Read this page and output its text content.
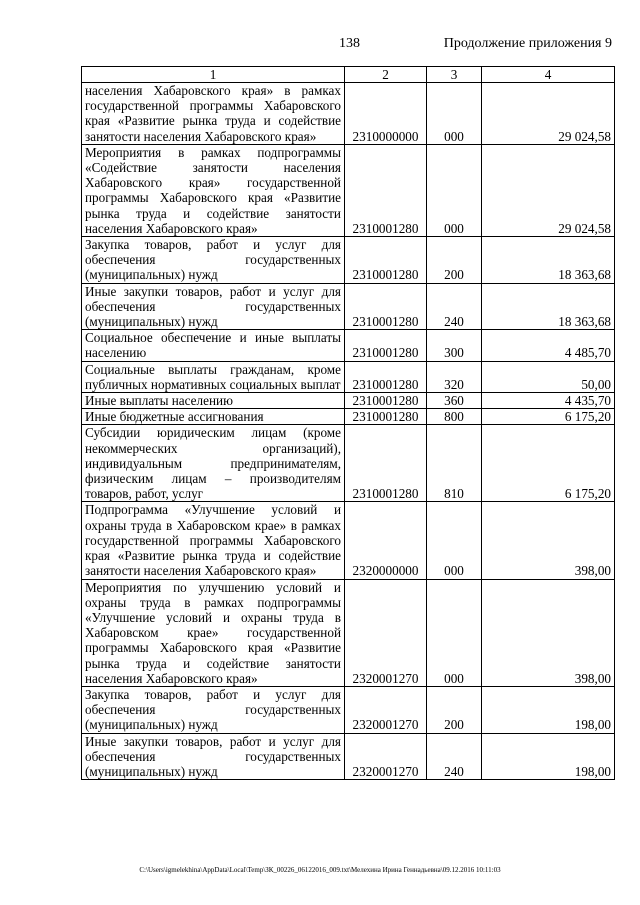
138	Продолжение приложения 9
1	2	3	4
населения Хабаровского края» в рамках государственной программы Хабаровского края «Развитие рынка труда и содействие занятости населения Хабаровского края»	2310000000	000	29 024,58
Мероприятия в рамках подпрограммы «Содействие занятости населения Хабаровского края» государственной программы Хабаровского края «Развитие рынка труда и содействие занятости населения Хабаровского края»	2310001280	000	29 024,58
Закупка товаров, работ и услуг для обеспечения государственных (муниципальных) нужд	2310001280	200	18 363,68
Иные закупки товаров, работ и услуг для обеспечения государственных (муниципальных) нужд	2310001280	240	18 363,68
Социальное обеспечение и иные выплаты населению	2310001280	300	4 485,70
Социальные выплаты гражданам, кроме публичных нормативных социальных выплат	2310001280	320	50,00
Иные выплаты населению	2310001280	360	4 435,70
Иные бюджетные ассигнования	2310001280	800	6 175,20
Субсидии юридическим лицам (кроме некоммерческих организаций), индивидуальным предпринимателям, физическим лицам – производителям товаров, работ, услуг	2310001280	810	6 175,20
Подпрограмма «Улучшение условий и охраны труда в Хабаровском крае» в рамках государственной программы Хабаровского края «Развитие рынка труда и содействие занятости населения Хабаровского края»	2320000000	000	398,00
Мероприятия по улучшению условий и охраны труда в рамках подпрограммы «Улучшение условий и охраны труда в Хабаровском крае» государственной программы Хабаровского края «Развитие рынка труда и содействие занятости населения Хабаровского края»	2320001270	000	398,00
Закупка товаров, работ и услуг для обеспечения государственных (муниципальных) нужд	2320001270	200	198,00
Иные закупки товаров, работ и услуг для обеспечения государственных (муниципальных) нужд	2320001270	240	198,00
C:\Users\igmelekhina\AppData\Local\Temp\ЗК_00226_06122016_009.txt\Мелехина Ирина Геннадьевна\09.12.2016 10:11:03
